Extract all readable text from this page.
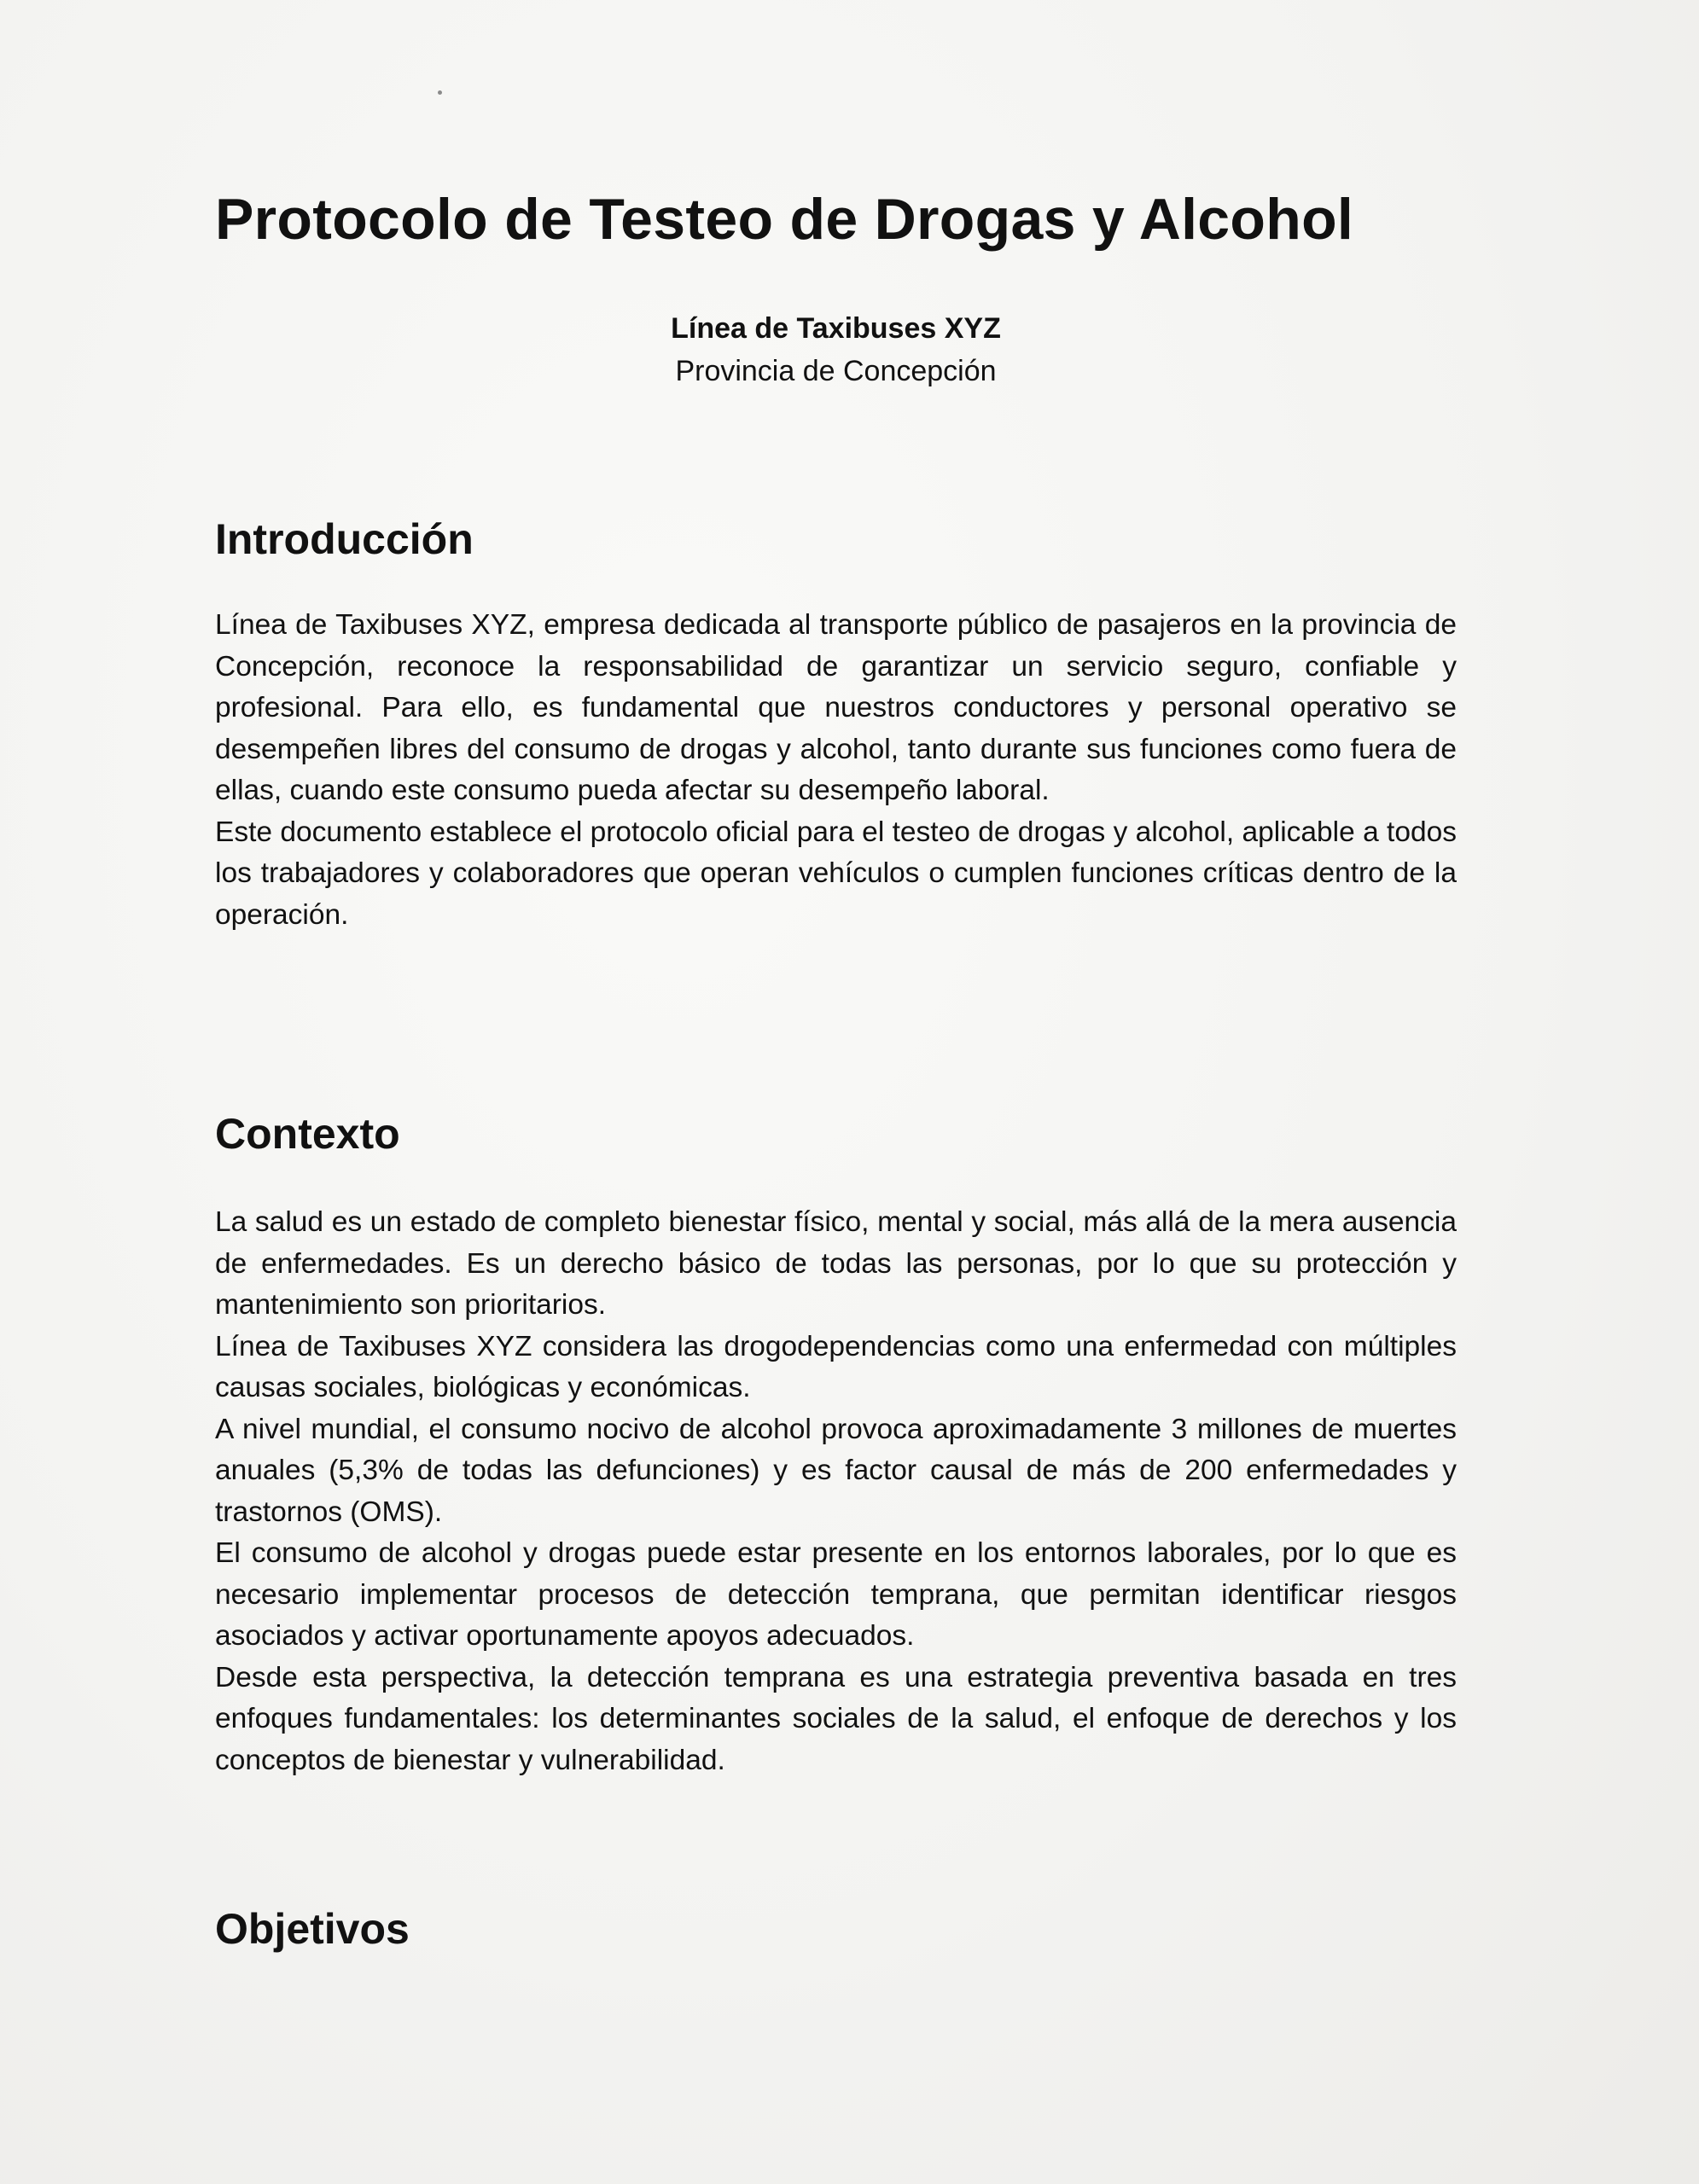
Protocolo de Testeo de Drogas y Alcohol
Línea de Taxibuses XYZ
Provincia de Concepción
Introducción

Línea de Taxibuses XYZ, empresa dedicada al transporte público de pasajeros en la provincia de Concepción, reconoce la responsabilidad de garantizar un servicio seguro, confiable y profesional. Para ello, es fundamental que nuestros conductores y personal operativo se desempeñen libres del consumo de drogas y alcohol, tanto durante sus funciones como fuera de ellas, cuando este consumo pueda afectar su desempeño laboral.

Este documento establece el protocolo oficial para el testeo de drogas y alcohol, aplicable a todos los trabajadores y colaboradores que operan vehículos o cumplen funciones críticas dentro de la operación.

Contexto

La salud es un estado de completo bienestar físico, mental y social, más allá de la mera ausencia de enfermedades. Es un derecho básico de todas las personas, por lo que su protección y mantenimiento son prioritarios.

Línea de Taxibuses XYZ considera las drogodependencias como una enfermedad con múltiples causas sociales, biológicas y económicas.

A nivel mundial, el consumo nocivo de alcohol provoca aproximadamente 3 millones de muertes anuales (5,3% de todas las defunciones) y es factor causal de más de 200 enfermedades y trastornos (OMS).

El consumo de alcohol y drogas puede estar presente en los entornos laborales, por lo que es necesario implementar procesos de detección temprana, que permitan identificar riesgos asociados y activar oportunamente apoyos adecuados.

Desde esta perspectiva, la detección temprana es una estrategia preventiva basada en tres enfoques fundamentales: los determinantes sociales de la salud, el enfoque de derechos y los conceptos de bienestar y vulnerabilidad.

Objetivos
